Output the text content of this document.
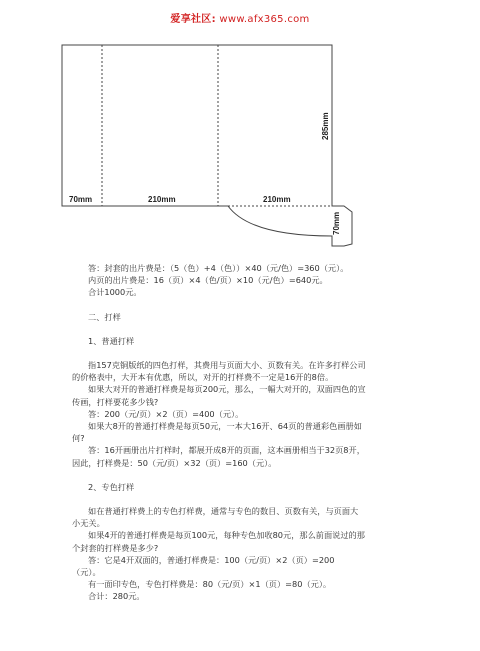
爱享社区: www.afx365.com
70mm	210mm	210mm
285mm
70mm

答：封套的出片费是：（5（色）+4（色））×40（元/色）=360（元）。

内页的出片费是：16（页）×4（色/页）×10（元/色）=640元。

合计1000元。

二、打样

1、普通打样

指157克铜版纸的四色打样，其费用与页面大小、页数有关。在许多打样公司

的价格表中，大开本有优惠，所以，对开的打样费不一定是16开的8倍。

如果大对开的普通打样费是每页200元，那么，一幅大对开的，双面四色的宣

传画，打样要花多少钱?

答：200（元/页）×2（页）=400（元）。

如果大8开的普通打样费是每页50元，一本大16开、64页的普通彩色画册如

何?

答：16开画册出片打样时，都展开成8开的页面，这本画册相当于32页8开，

因此，打样费是：50（元/页）×32（页）=160（元）。

2、专色打样

如在普通打样费上的专色打样费，通常与专色的数目、页数有关，与页面大

小无关。

如果4开的普通打样费是每页100元，每种专色加收80元，那么前面说过的那

个封套的打样费是多少?

答：它是4开双面的，普通打样费是：100（元/页）×2（页）=200

（元）。

有一面印专色，专色打样费是：80（元/页）×1（页）=80（元）。

合计：280元。
